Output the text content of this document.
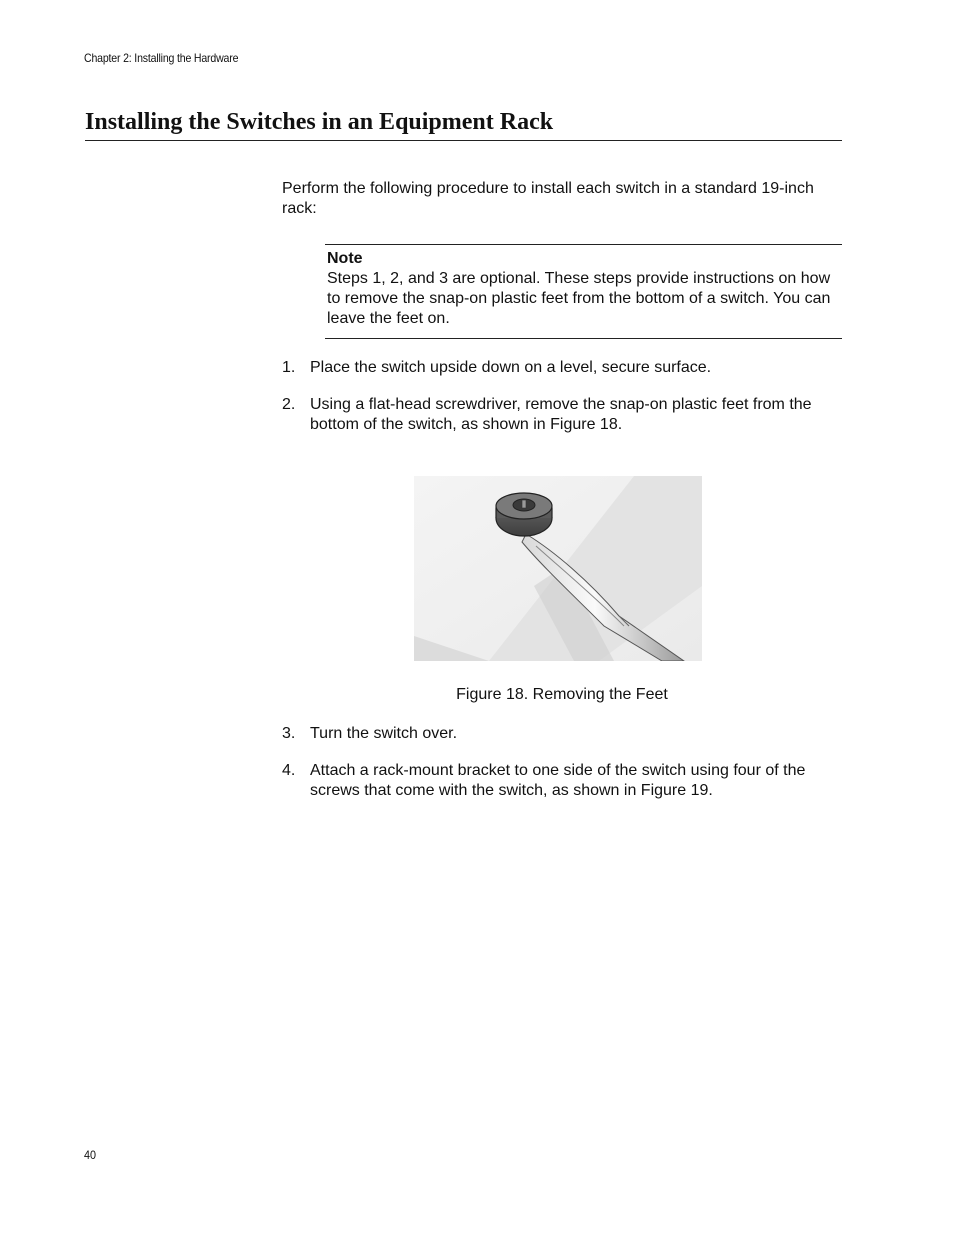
Chapter 2: Installing the Hardware
Installing the Switches in an Equipment Rack

Perform the following procedure to install each switch in a standard 19-inch rack:

Note

Steps 1, 2, and 3 are optional. These steps provide instructions on how to remove the snap-on plastic feet from the bottom of a switch. You can leave the feet on.

1. Place the switch upside down on a level, secure surface.
2. Using a flat-head screwdriver, remove the snap-on plastic feet from the bottom of the switch, as shown in Figure 18.
Figure 18. Removing the Feet
3. Turn the switch over.
4. Attach a rack-mount bracket to one side of the switch using four of the screws that come with the switch, as shown in Figure 19.
40
